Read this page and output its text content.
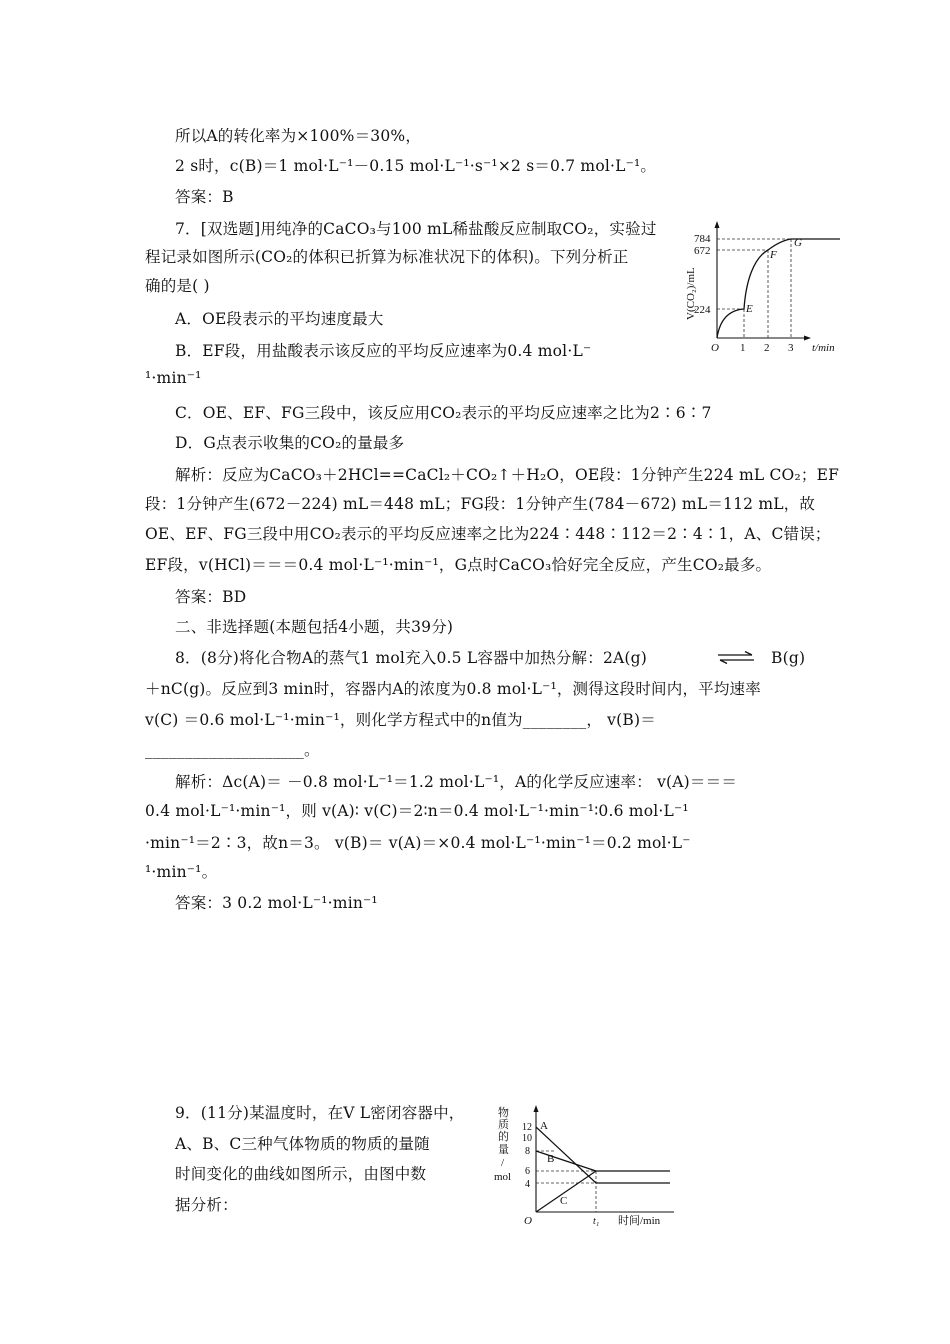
所以A的转化率为×100%＝30%，
2 s时，c(B)＝1 mol·L⁻¹－0.15 mol·L⁻¹·s⁻¹×2 s＝0.7 mol·L⁻¹。
答案：B
7．[双选题]用纯净的CaCO₃与100 mL稀盐酸反应制取CO₂，实验过
程记录如图所示(CO₂的体积已折算为标准状况下的体积)。下列分析正
确的是( )
A．OE段表示的平均速度最大
B．EF段，用盐酸表示该反应的平均反应速率为0.4 mol·L⁻
¹·min⁻¹
C．OE、EF、FG三段中，该反应用CO₂表示的平均反应速率之比为2∶6∶7
D．G点表示收集的CO₂的量最多
解析：反应为CaCO₃＋2HCl==CaCl₂＋CO₂↑＋H₂O，OE段：1分钟产生224 mL CO₂；EF
段：1分钟产生(672－224) mL＝448 mL；FG段：1分钟产生(784－672) mL＝112 mL，故
OE、EF、FG三段中用CO₂表示的平均反应速率之比为224∶448∶112＝2∶4∶1，A、C错误；
EF段，v(HCl)＝＝＝0.4 mol·L⁻¹·min⁻¹，G点时CaCO₃恰好完全反应，产生CO₂最多。
答案：BD
二、非选择题(本题包括4小题，共39分)
8．(8分)将化合物A的蒸气1 mol充入0.5 L容器中加热分解：2A(g)	⇌ B(g)
＋nC(g)。反应到3 min时，容器内A的浓度为0.8 mol·L⁻¹，测得这段时间内，平均速率
v(C) ＝0.6 mol·L⁻¹·min⁻¹，则化学方程式中的n值为________， v(B)＝
____________________。
解析：Δc(A)＝ －0.8 mol·L⁻¹＝1.2 mol·L⁻¹，A的化学反应速率： v(A)＝＝＝
0.4 mol·L⁻¹·min⁻¹，则 v(A)∶ v(C)＝2∶n＝0.4 mol·L⁻¹·min⁻¹∶0.6 mol·L⁻¹
·min⁻¹＝2∶3，故n＝3。 v(B)＝ v(A)＝×0.4 mol·L⁻¹·min⁻¹＝0.2 mol·L⁻
¹·min⁻¹。
答案：3 0.2 mol·L⁻¹·min⁻¹
9．(11分)某温度时，在V L密闭容器中，
A、B、C三种气体物质的物质的量随
时间变化的曲线如图所示，由图中数
据分析：
V(CO₂)/mL
t/min
O
784
672
224
1 2 3
E
F
G
物
质
的
量
/
mol
O	时间/min
t₁
12
10
8
6
4
A
B
C
